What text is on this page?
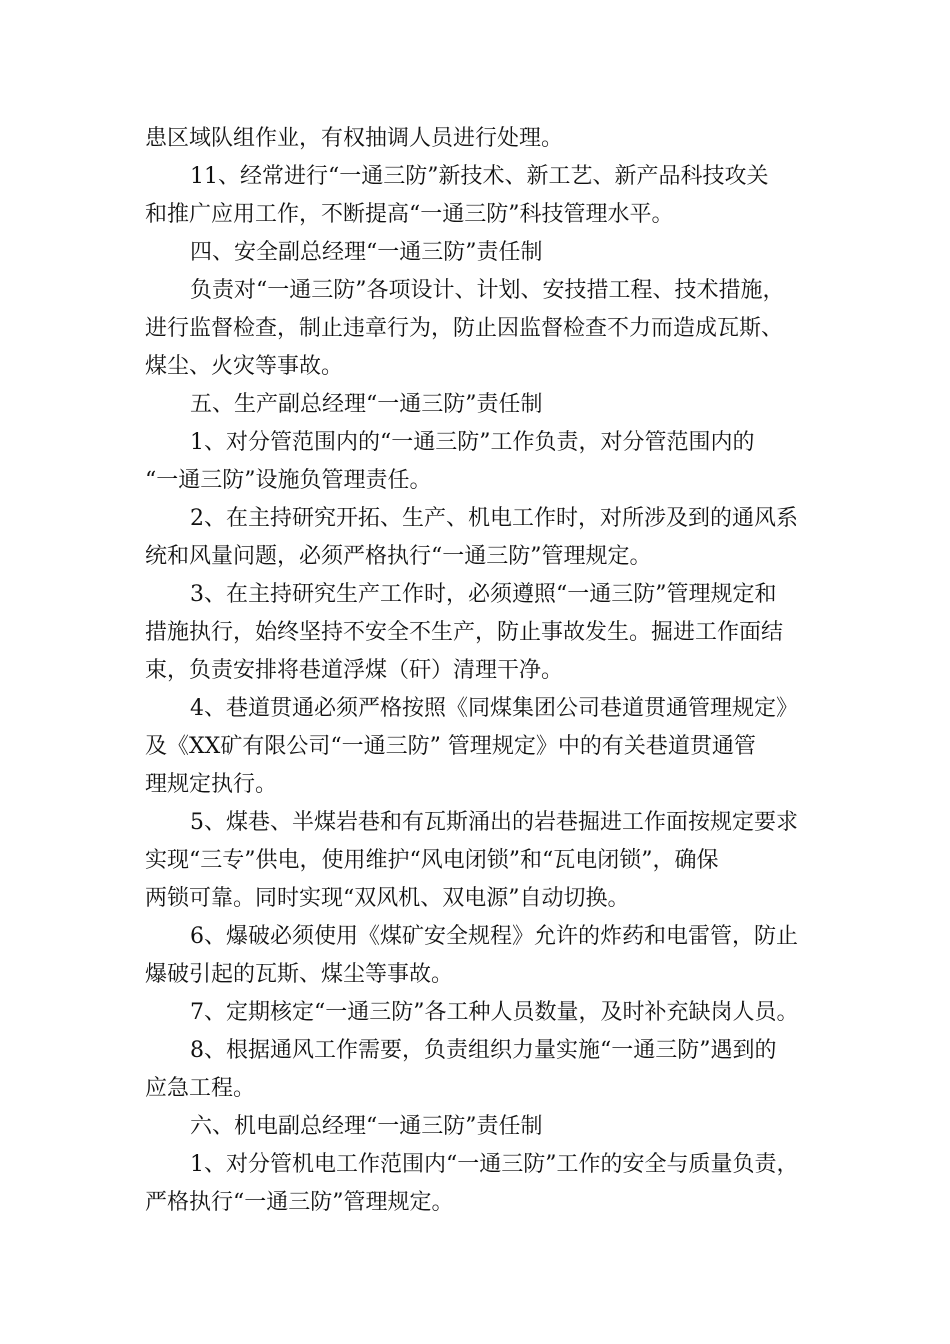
患区域队组作业，有权抽调人员进行处理。
11、经常进行“一通三防”新技术、新工艺、新产品科技攻关
和推广应用工作，不断提高“一通三防”科技管理水平。
四、安全副总经理“一通三防”责任制
负责对“一通三防”各项设计、计划、安技措工程、技术措施，
进行监督检查，制止违章行为，防止因监督检查不力而造成瓦斯、
煤尘、火灾等事故。
五、生产副总经理“一通三防”责任制
1、对分管范围内的“一通三防”工作负责，对分管范围内的
“一通三防”设施负管理责任。
2、在主持研究开拓、生产、机电工作时，对所涉及到的通风系
统和风量问题，必须严格执行“一通三防”管理规定。
3、在主持研究生产工作时，必须遵照“一通三防”管理规定和
措施执行，始终坚持不安全不生产，防止事故发生。掘进工作面结
束，负责安排将巷道浮煤（矸）清理干净。
4、巷道贯通必须严格按照《同煤集团公司巷道贯通管理规定》
及《XX矿有限公司“一通三防” 管理规定》中的有关巷道贯通管
理规定执行。
5、煤巷、半煤岩巷和有瓦斯涌出的岩巷掘进工作面按规定要求
实现“三专”供电，使用维护“风电闭锁”和“瓦电闭锁”，确保
两锁可靠。同时实现“双风机、双电源”自动切换。
6、爆破必须使用《煤矿安全规程》允许的炸药和电雷管，防止
爆破引起的瓦斯、煤尘等事故。
7、定期核定“一通三防”各工种人员数量，及时补充缺岗人员。
8、根据通风工作需要，负责组织力量实施“一通三防”遇到的
应急工程。
六、机电副总经理“一通三防”责任制
1、对分管机电工作范围内“一通三防”工作的安全与质量负责，
严格执行“一通三防”管理规定。
